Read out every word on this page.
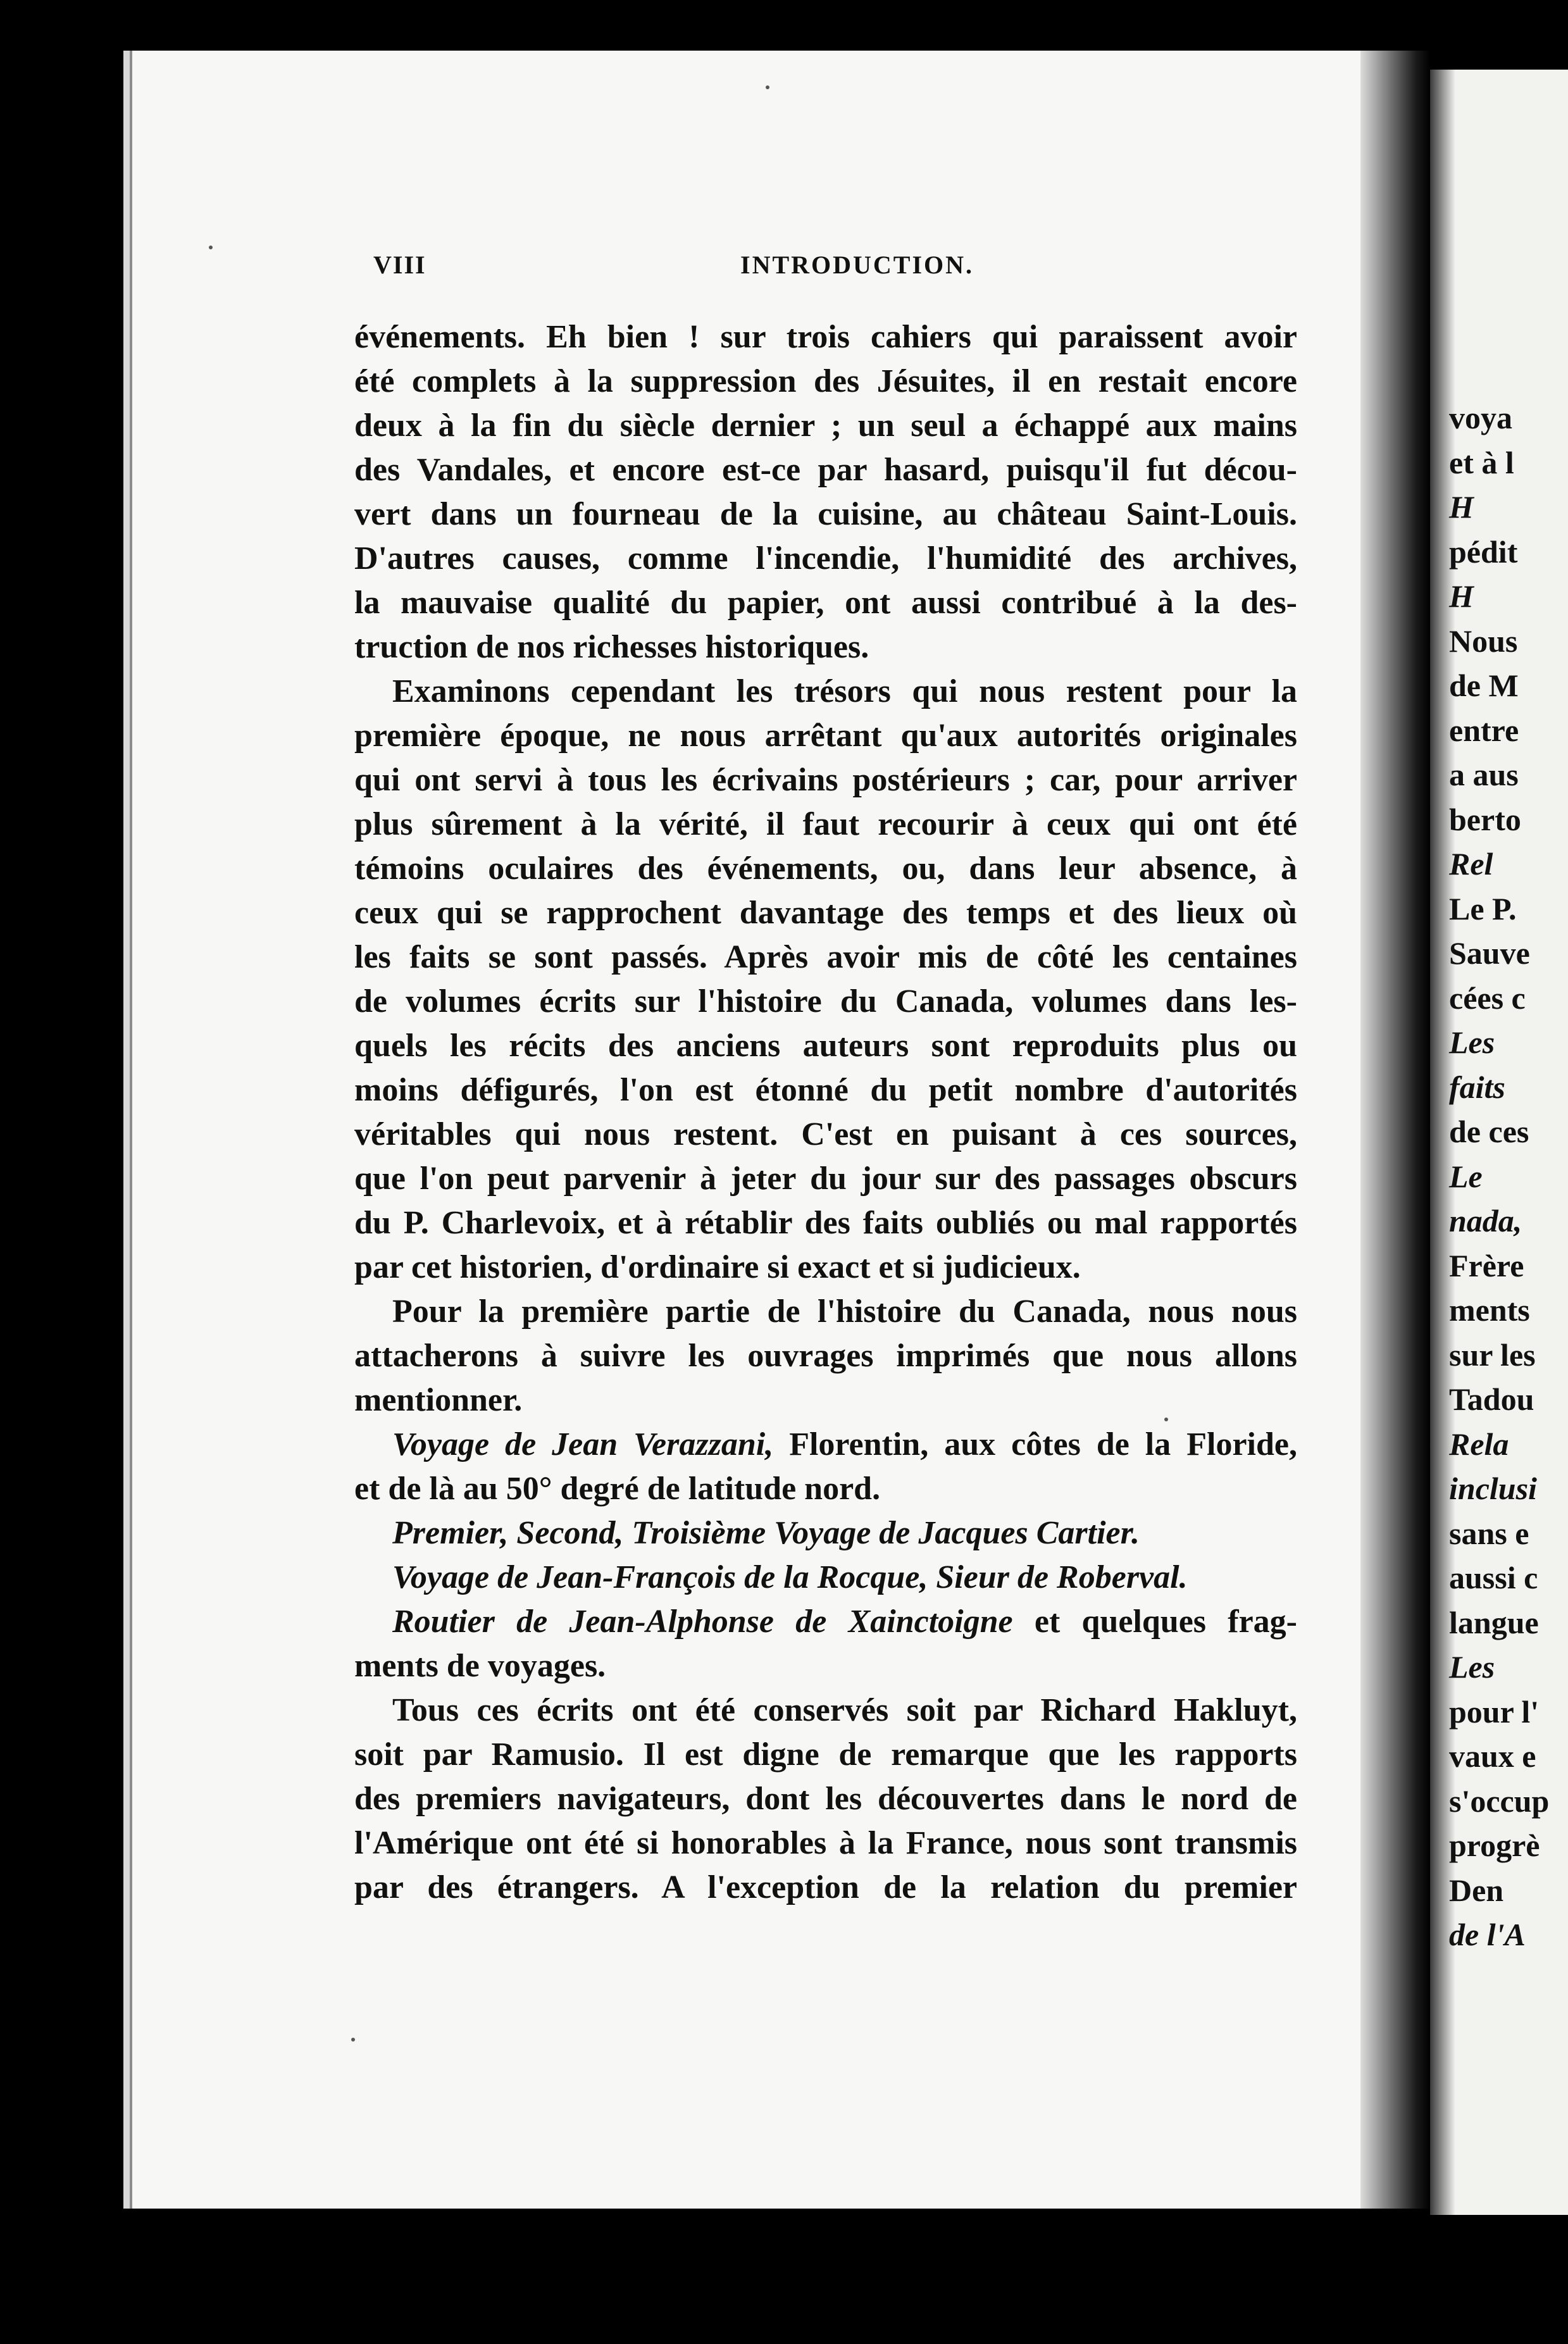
voya
et à l
H
pédit
H
Nous
de M
entre
a aus
berto
Rel
Le P.
Sauve
cées c
Les
faits
de ces
Le
nada,
Frère
ments
sur les
Tadou
Rela
inclusi
sans e
aussi c
langue
Les
pour l'
vaux e
s'occup
progrè
Den
de l'A
VIII	INTRODUCTION.
événements. Eh bien ! sur trois cahiers qui paraissent avoir
été complets à la suppression des Jésuites, il en restait encore
deux à la fin du siècle dernier ; un seul a échappé aux mains
des Vandales, et encore est-ce par hasard, puisqu'il fut décou-
vert dans un fourneau de la cuisine, au château Saint-Louis.
D'autres causes, comme l'incendie, l'humidité des archives,
la mauvaise qualité du papier, ont aussi contribué à la des-
truction de nos richesses historiques.
Examinons cependant les trésors qui nous restent pour la
première époque, ne nous arrêtant qu'aux autorités originales
qui ont servi à tous les écrivains postérieurs ; car, pour arriver
plus sûrement à la vérité, il faut recourir à ceux qui ont été
témoins oculaires des événements, ou, dans leur absence, à
ceux qui se rapprochent davantage des temps et des lieux où
les faits se sont passés. Après avoir mis de côté les centaines
de volumes écrits sur l'histoire du Canada, volumes dans les-
quels les récits des anciens auteurs sont reproduits plus ou
moins défigurés, l'on est étonné du petit nombre d'autorités
véritables qui nous restent. C'est en puisant à ces sources,
que l'on peut parvenir à jeter du jour sur des passages obscurs
du P. Charlevoix, et à rétablir des faits oubliés ou mal rapportés
par cet historien, d'ordinaire si exact et si judicieux.
Pour la première partie de l'histoire du Canada, nous nous
attacherons à suivre les ouvrages imprimés que nous allons
mentionner.
Voyage de Jean Verazzani, Florentin, aux côtes de la Floride,
et de là au 50° degré de latitude nord.
Premier, Second, Troisième Voyage de Jacques Cartier.
Voyage de Jean-François de la Rocque, Sieur de Roberval.
Routier de Jean-Alphonse de Xainctoigne et quelques frag-
ments de voyages.
Tous ces écrits ont été conservés soit par Richard Hakluyt,
soit par Ramusio. Il est digne de remarque que les rapports
des premiers navigateurs, dont les découvertes dans le nord de
l'Amérique ont été si honorables à la France, nous sont transmis
par des étrangers. A l'exception de la relation du premier
